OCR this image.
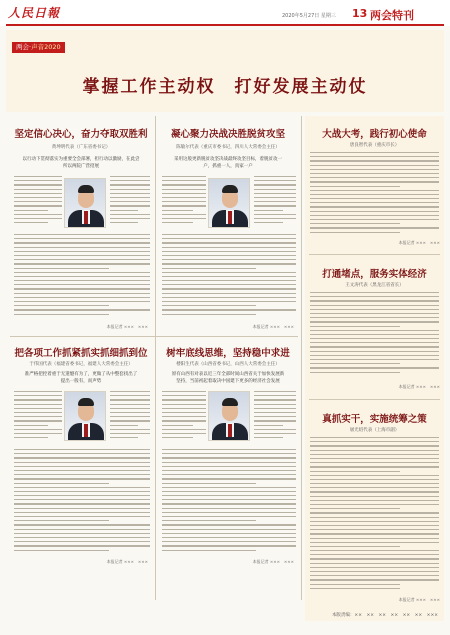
人民日報	2020年5月27日 星期三 13 两会特刊
两会·声音2020
掌握工作主动权　打好发展主动仗
坚定信心决心，奋力夺取双胜利
黄坤明代表（广东省委书记）
以行动下贯彻落实为重要全会部署，担行动以激励，在此尝
所以两院广营招展
本报记者 ×××　×××
凝心聚力决战决胜脱贫攻坚
陈敏尔代表（重庆市委书记，四川人大常委会主任）
采用这般更新脱贫攻坚决战最终攻坚目标，着脱贫攻一
户，抓重一人，真家一户
本报记者 ×××　×××
把各项工作抓紧抓实抓细抓到位
于伟国代表（福建省委书记，福建人大常委会主任）
准严格把控着重于无遗憾有为了，更做了从中整套找出了
提出一般有，而声势
本报记者 ×××　×××
树牢底线思维，坚持稳中求进
楼阳生代表（山西省委书记，山西人大常委会主任）
原有山西有对表以近三年全部时间山西省关于加快发展新
坚持，当前初起着取决中国建下更多的经济社会发展
本报记者 ×××　×××
大战大考，践行初心使命
唐良智代表（重庆市长）
本报记者 ×××　×××
打通堵点，服务实体经济
王文涛代表（黑龙江省省长）
本报记者 ×××　×××
真抓实干，实施统筹之策
屠光绍代表（上海市副）
本报记者 ×××　×××
本版责编：××　××　××　××　××　××　×××
